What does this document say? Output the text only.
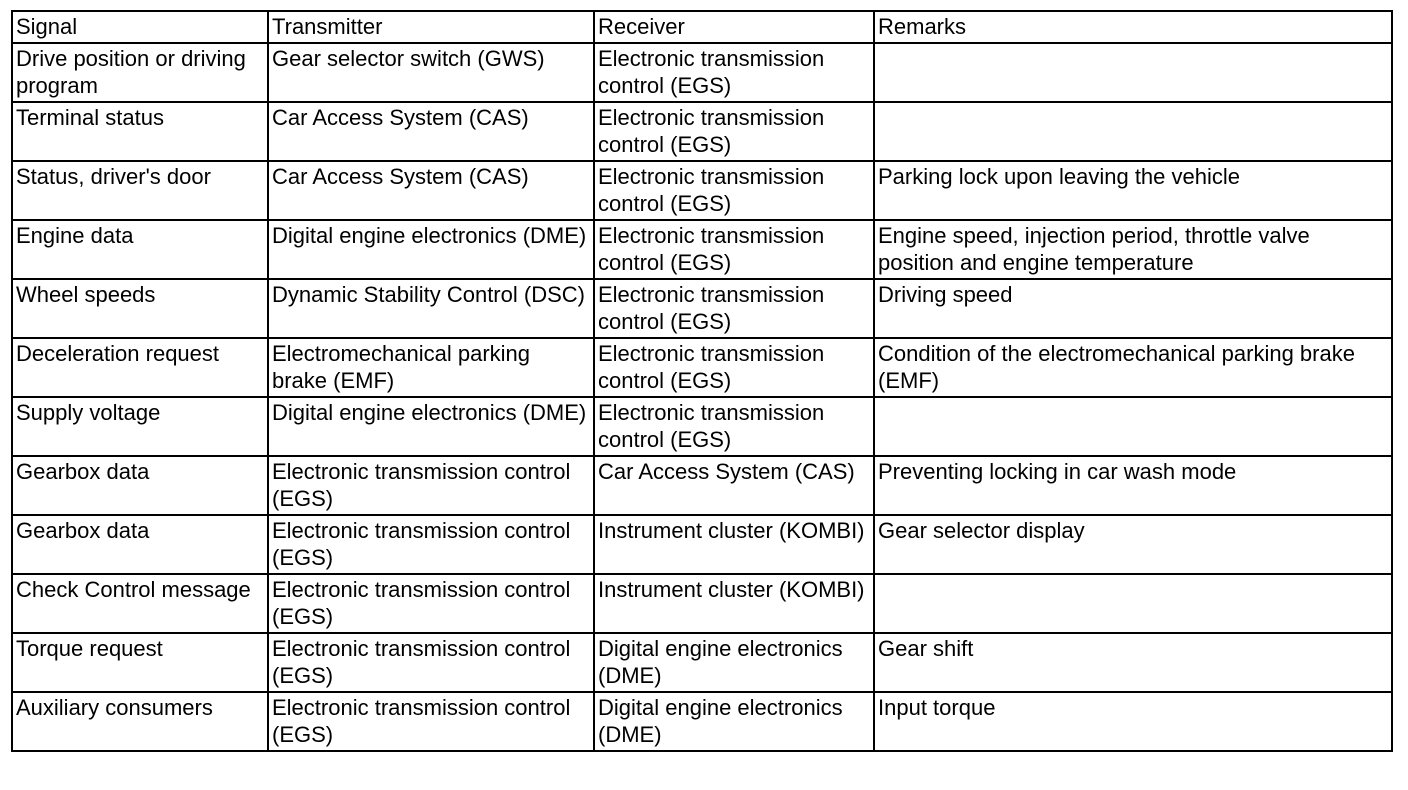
Signal	Transmitter	Receiver	Remarks
Drive position or driving program	Gear selector switch (GWS)	Electronic transmission control (EGS)	
Terminal status	Car Access System (CAS)	Electronic transmission control (EGS)	
Status, driver's door	Car Access System (CAS)	Electronic transmission control (EGS)	Parking lock upon leaving the vehicle
Engine data	Digital engine electronics (DME)	Electronic transmission control (EGS)	Engine speed, injection period, throttle valve position and engine temperature
Wheel speeds	Dynamic Stability Control (DSC)	Electronic transmission control (EGS)	Driving speed
Deceleration request	Electromechanical parking brake (EMF)	Electronic transmission control (EGS)	Condition of the electromechanical parking brake (EMF)
Supply voltage	Digital engine electronics (DME)	Electronic transmission control (EGS)	
Gearbox data	Electronic transmission control (EGS)	Car Access System (CAS)	Preventing locking in car wash mode
Gearbox data	Electronic transmission control (EGS)	Instrument cluster (KOMBI)	Gear selector display
Check Control message	Electronic transmission control (EGS)	Instrument cluster (KOMBI)	
Torque request	Electronic transmission control (EGS)	Digital engine electronics (DME)	Gear shift
Auxiliary consumers	Electronic transmission control (EGS)	Digital engine electronics (DME)	Input torque
